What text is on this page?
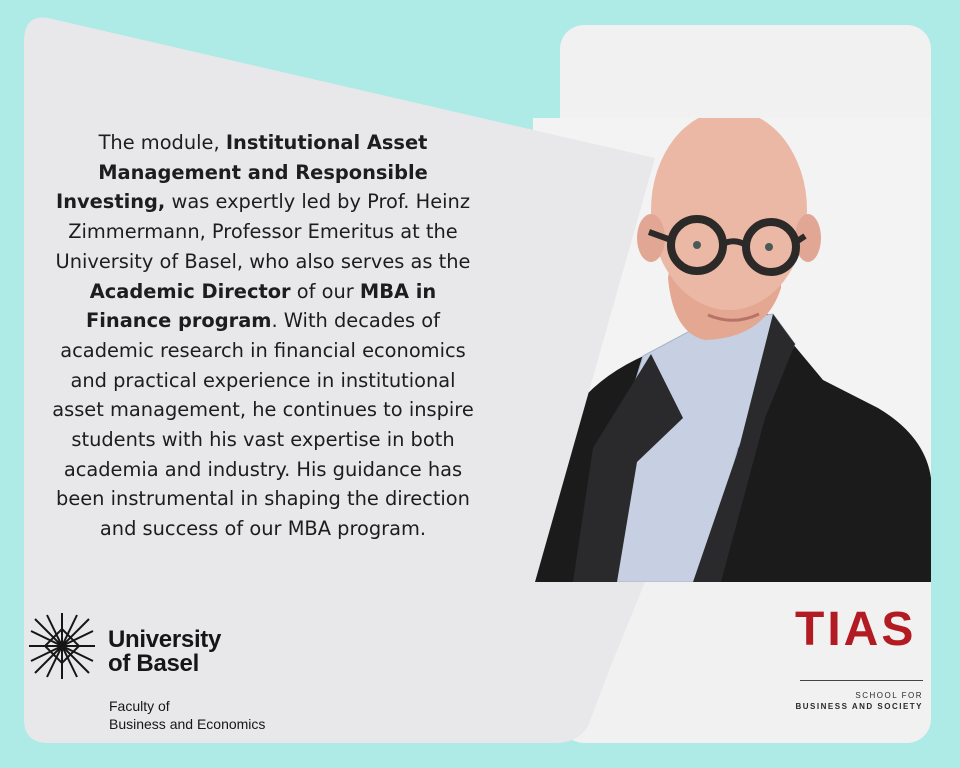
The module, Institutional Asset Management and Responsible Investing, was expertly led by Prof. Heinz Zimmermann, Professor Emeritus at the University of Basel, who also serves as the Academic Director of our MBA in Finance program. With decades of academic research in financial economics and practical experience in institutional asset management, he continues to inspire students with his vast expertise in both academia and industry. His guidance has been instrumental in shaping the direction and success of our MBA program.

University
of Basel
Faculty of
Business and Economics
TIAS
SCHOOL FOR
BUSINESS AND SOCIETY
